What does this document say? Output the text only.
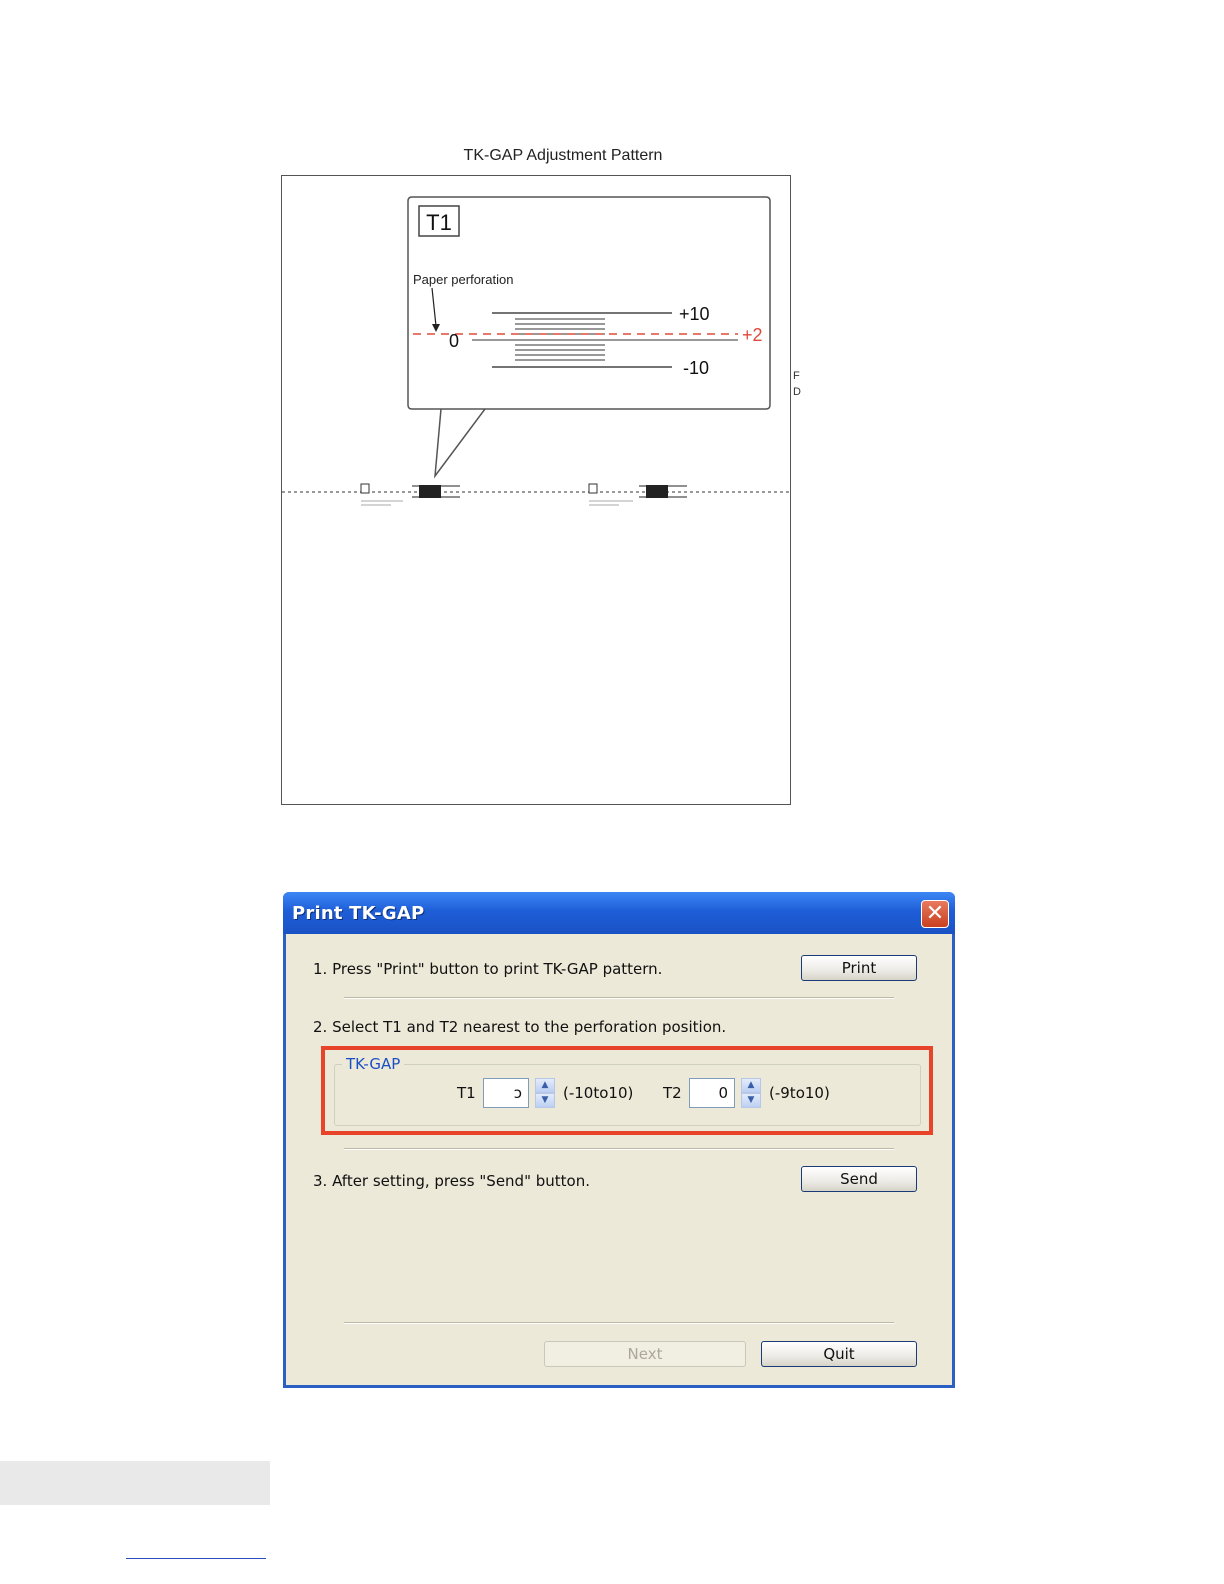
TK-GAP Adjustment Pattern
T1
Paper perforation
+10
0	+2
-10	F
D
Print TK-GAP	✕
1. Press "Print" button to print TK-GAP pattern.	Print
2. Select T1 and T2 nearest to the perforation position.
TK-GAP
T1	ↄ	▲
▼ (-10to10) T2	0	▲
▼ (-9to10)
3. After setting, press "Send" button.	Send
Next	Quit
